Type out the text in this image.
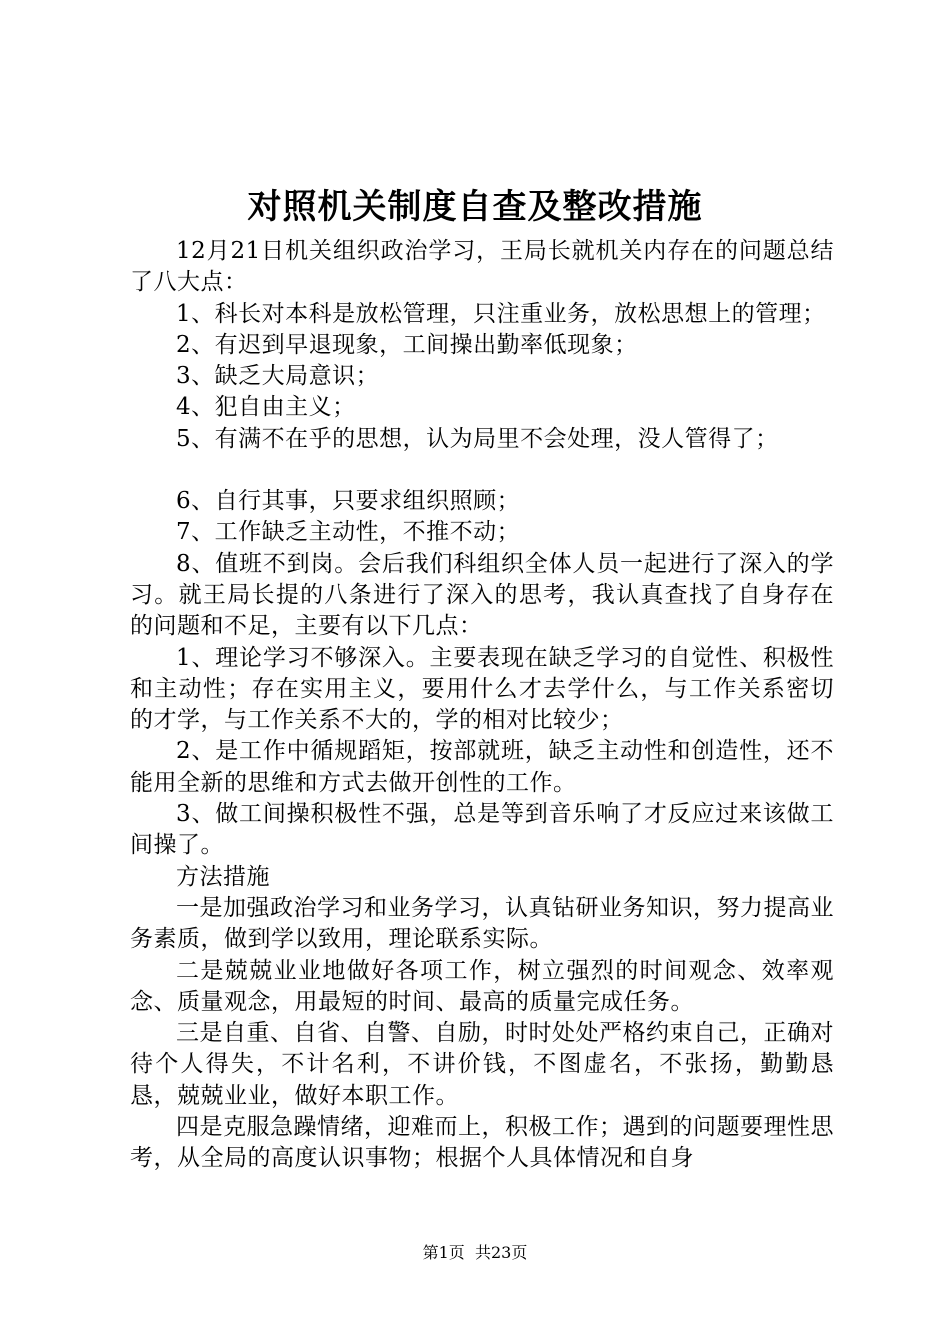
对照机关制度自查及整改措施

12月21日机关组织政治学习，王局长就机关内存在的问题总结了八大点：

1、科长对本科是放松管理，只注重业务，放松思想上的管理；

2、有迟到早退现象，工间操出勤率低现象；

3、缺乏大局意识；

4、犯自由主义；

5、有满不在乎的思想，认为局里不会处理，没人管得了；

6、自行其事，只要求组织照顾；

7、工作缺乏主动性，不推不动；

8、值班不到岗。会后我们科组织全体人员一起进行了深入的学习。就王局长提的八条进行了深入的思考，我认真查找了自身存在的问题和不足，主要有以下几点：

1、理论学习不够深入。主要表现在缺乏学习的自觉性、积极性和主动性；存在实用主义，要用什么才去学什么，与工作关系密切的才学，与工作关系不大的，学的相对比较少；

2、是工作中循规蹈矩，按部就班，缺乏主动性和创造性，还不能用全新的思维和方式去做开创性的工作。

3、做工间操积极性不强，总是等到音乐响了才反应过来该做工间操了。

方法措施

一是加强政治学习和业务学习，认真钻研业务知识，努力提高业务素质，做到学以致用，理论联系实际。

二是兢兢业业地做好各项工作，树立强烈的时间观念、效率观念、质量观念，用最短的时间、最高的质量完成任务。

三是自重、自省、自警、自励，时时处处严格约束自己，正确对待个人得失，不计名利，不讲价钱，不图虚名，不张扬，勤勤恳恳，兢兢业业，做好本职工作。

四是克服急躁情绪，迎难而上，积极工作；遇到的问题要理性思考，从全局的高度认识事物；根据个人具体情况和自身

第1页 共23页
